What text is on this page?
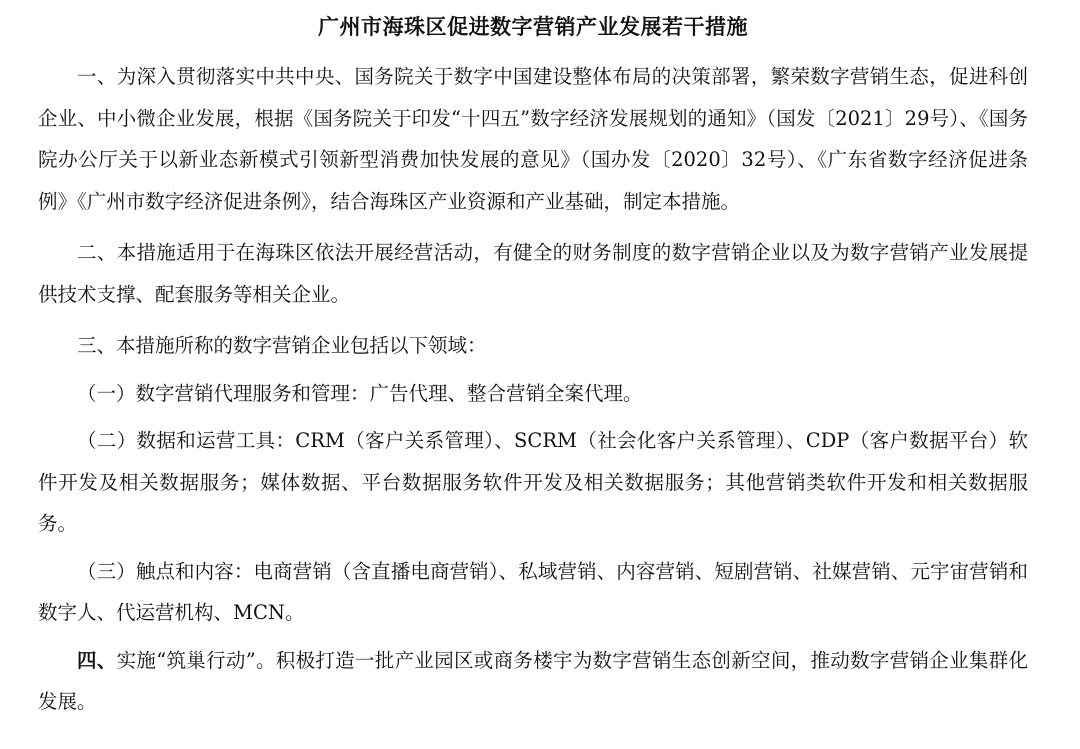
广州市海珠区促进数字营销产业发展若干措施

一、为深入贯彻落实中共中央、国务院关于数字中国建设整体布局的决策部署，繁荣数字营销生态，促进科创企业、中小微企业发展，根据《国务院关于印发“十四五”数字经济发展规划的通知》（国发〔2021〕29号）、《国务院办公厅关于以新业态新模式引领新型消费加快发展的意见》（国办发〔2020〕32号）、《广东省数字经济促进条例》《广州市数字经济促进条例》，结合海珠区产业资源和产业基础，制定本措施。

二、本措施适用于在海珠区依法开展经营活动，有健全的财务制度的数字营销企业以及为数字营销产业发展提供技术支撑、配套服务等相关企业。

三、本措施所称的数字营销企业包括以下领域：

（一）数字营销代理服务和管理：广告代理、整合营销全案代理。

（二）数据和运营工具：CRM（客户关系管理）、SCRM（社会化客户关系管理）、CDP（客户数据平台）软件开发及相关数据服务；媒体数据、平台数据服务软件开发及相关数据服务；其他营销类软件开发和相关数据服务。

（三）触点和内容：电商营销（含直播电商营销）、私域营销、内容营销、短剧营销、社媒营销、元宇宙营销和数字人、代运营机构、MCN。

四、实施“筑巢行动”。积极打造一批产业园区或商务楼宇为数字营销生态创新空间，推动数字营销企业集群化发展。
